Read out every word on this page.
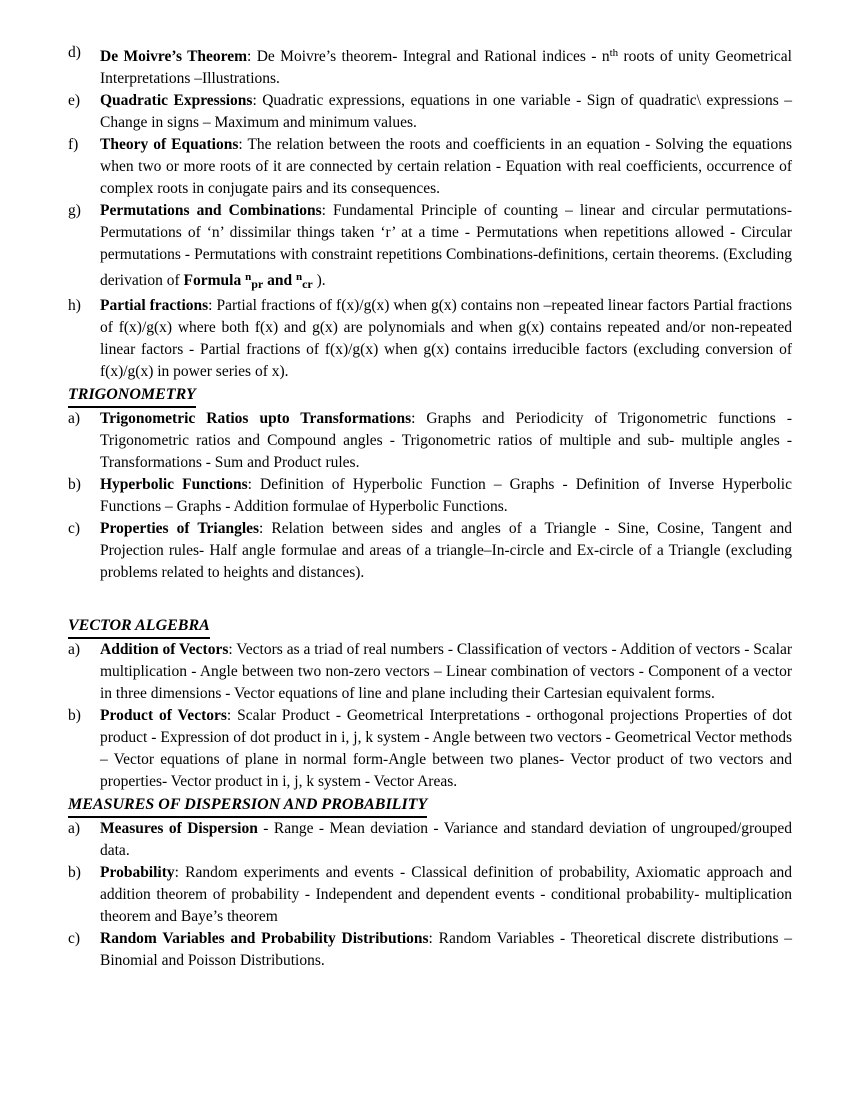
d) De Moivre’s Theorem: De Moivre’s theorem- Integral and Rational indices - $n^{th}$ roots of unity Geometrical Interpretations –Illustrations.
e) Quadratic Expressions: Quadratic expressions, equations in one variable - Sign of quadratic\ expressions – Change in signs – Maximum and minimum values.
f) Theory of Equations: The relation between the roots and coefficients in an equation - Solving the equations when two or more roots of it are connected by certain relation - Equation with real coefficients, occurrence of complex roots in conjugate pairs and its consequences.
g) Permutations and Combinations: Fundamental Principle of counting – linear and circular permutations- Permutations of ‘n’ dissimilar things taken ‘r’ at a time - Permutations when repetitions allowed - Circular permutations - Permutations with constraint repetitions Combinations-definitions, certain theorems. (Excluding derivation of Formula $^n$pr and $^n$cr ).
h) Partial fractions: Partial fractions of f(x)/g(x) when g(x) contains non –repeated linear factors Partial fractions of f(x)/g(x) where both f(x) and g(x) are polynomials and when g(x) contains repeated and/or non-repeated linear factors - Partial fractions of f(x)/g(x) when g(x) contains irreducible factors (excluding conversion of f(x)/g(x) in power series of x).
TRIGONOMETRY
a) Trigonometric Ratios upto Transformations: Graphs and Periodicity of Trigonometric functions - Trigonometric ratios and Compound angles - Trigonometric ratios of multiple and sub- multiple angles - Transformations - Sum and Product rules.
b) Hyperbolic Functions: Definition of Hyperbolic Function – Graphs - Definition of Inverse Hyperbolic Functions – Graphs - Addition formulae of Hyperbolic Functions.
c) Properties of Triangles: Relation between sides and angles of a Triangle - Sine, Cosine, Tangent and Projection rules- Half angle formulae and areas of a triangle–In-circle and Ex-circle of a Triangle (excluding problems related to heights and distances).
VECTOR ALGEBRA
a) Addition of Vectors: Vectors as a triad of real numbers - Classification of vectors - Addition of vectors - Scalar multiplication - Angle between two non-zero vectors – Linear combination of vectors - Component of a vector in three dimensions - Vector equations of line and plane including their Cartesian equivalent forms.
b) Product of Vectors: Scalar Product - Geometrical Interpretations - orthogonal projections Properties of dot product - Expression of dot product in i, j, k system - Angle between two vectors - Geometrical Vector methods – Vector equations of plane in normal form-Angle between two planes- Vector product of two vectors and properties- Vector product in i, j, k system - Vector Areas.
MEASURES OF DISPERSION AND PROBABILITY
a) Measures of Dispersion - Range - Mean deviation - Variance and standard deviation of ungrouped/grouped data.
b) Probability: Random experiments and events - Classical definition of probability, Axiomatic approach and addition theorem of probability - Independent and dependent events - conditional probability- multiplication theorem and Baye’s theorem
c) Random Variables and Probability Distributions: Random Variables - Theoretical discrete distributions – Binomial and Poisson Distributions.
